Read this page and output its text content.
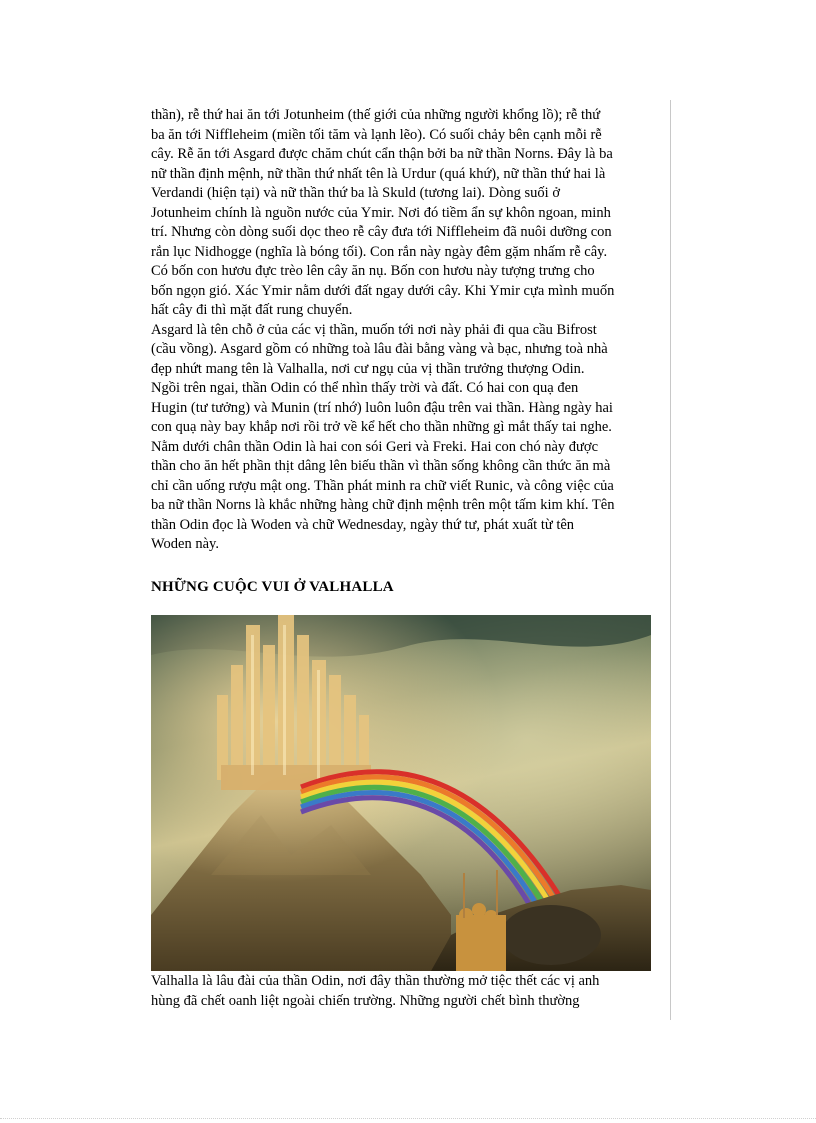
thần), rễ thứ hai ăn tới Jotunheim (thế giới của những người khổng lồ); rễ thứ
ba ăn tới Niffleheim (miền tối tăm và lạnh lẽo). Có suối chảy bên cạnh mỗi rễ
cây. Rễ ăn tới Asgard được chăm chút cẩn thận bởi ba nữ thần Norns. Đây là ba
nữ thần định mệnh, nữ thần thứ nhất tên là Urdur (quá khứ), nữ thần thứ hai là
Verdandi (hiện tại) và nữ thần thứ ba là Skuld (tương lai). Dòng suối ở
Jotunheim chính là nguồn nước của Ymir. Nơi đó tiềm ẩn sự khôn ngoan, minh
trí. Nhưng còn dòng suối dọc theo rễ cây đưa tới Niffleheim đã nuôi dưỡng con
rắn lục Nidhogge (nghĩa là bóng tối). Con rắn này ngày đêm gặm nhấm rễ cây.
Có bốn con hươu đực trèo lên cây ăn nụ. Bốn con hươu này tượng trưng cho
bốn ngọn gió. Xác Ymir nằm dưới đất ngay dưới cây. Khi Ymir cựa mình muốn
hất cây đi thì mặt đất rung chuyển.

Asgard là tên chỗ ở của các vị thần, muốn tới nơi này phải đi qua cầu Bifrost
(cầu vồng). Asgard gồm có những toà lâu đài bằng vàng và bạc, nhưng toà nhà
đẹp nhứt mang tên là Valhalla, nơi cư ngụ của vị thần trưởng thượng Odin.
Ngồi trên ngai, thần Odin có thể nhìn thấy trời và đất. Có hai con quạ đen
Hugin (tư tưởng) và Munin (trí nhớ) luôn luôn đậu trên vai thần. Hàng ngày hai
con quạ này bay khắp nơi rồi trở về kể hết cho thần những gì mắt thấy tai nghe.
Nằm dưới chân thần Odin là hai con sói Geri và Freki. Hai con chó này được
thần cho ăn hết phần thịt dâng lên biếu thần vì thần sống không cần thức ăn mà
chỉ cần uống rượu mật ong. Thần phát minh ra chữ viết Runic, và công việc của
ba nữ thần Norns là khắc những hàng chữ định mệnh trên một tấm kim khí. Tên
thần Odin đọc là Woden và chữ Wednesday, ngày thứ tư, phát xuất từ tên
Woden này.

NHỮNG CUỘC VUI Ở VALHALLA

Valhalla là lâu đài của thần Odin, nơi đây thần thường mở tiệc thết các vị anh
hùng đã chết oanh liệt ngoài chiến trường. Những người chết bình thường
